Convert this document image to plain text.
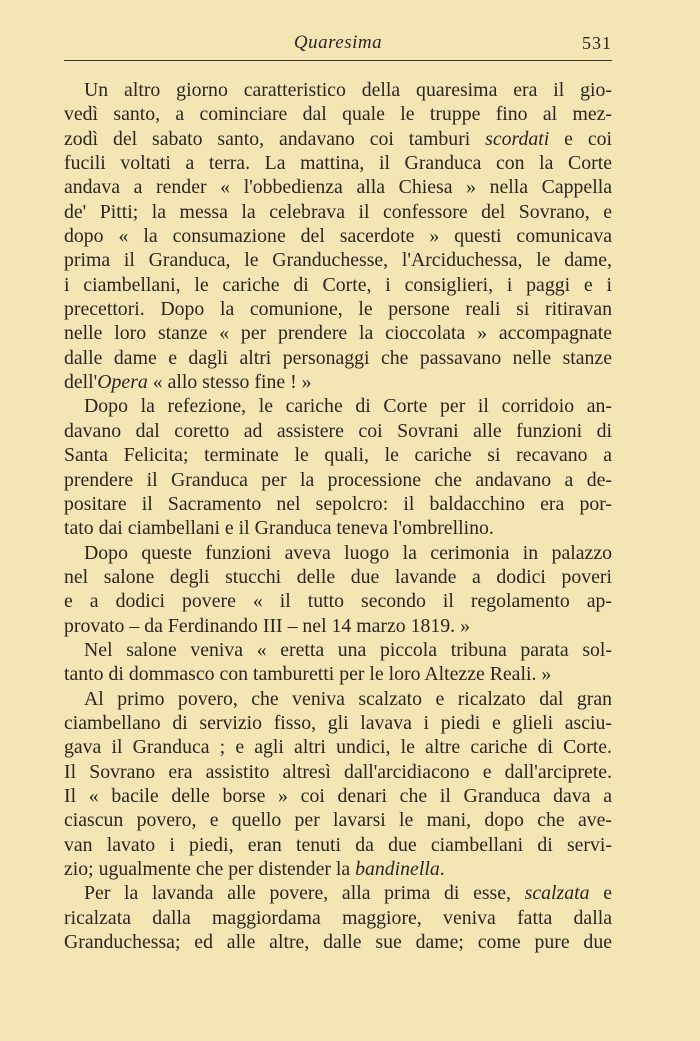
Quaresima	531
Un altro giorno caratteristico della quaresima era il gio-
vedì santo, a cominciare dal quale le truppe fino al mez-
zodì del sabato santo, andavano coi tamburi scordati e coi
fucili voltati a terra. La mattina, il Granduca con la Corte
andava a render « l'obbedienza alla Chiesa » nella Cappella
de' Pitti; la messa la celebrava il confessore del Sovrano, e
dopo « la consumazione del sacerdote » questi comunicava
prima il Granduca, le Granduchesse, l'Arciduchessa, le dame,
i ciambellani, le cariche di Corte, i consiglieri, i paggi e i
precettori. Dopo la comunione, le persone reali si ritiravan
nelle loro stanze « per prendere la cioccolata » accompagnate
dalle dame e dagli altri personaggi che passavano nelle stanze
dell'Opera « allo stesso fine ! »
Dopo la refezione, le cariche di Corte per il corridoio an-
davano dal coretto ad assistere coi Sovrani alle funzioni di
Santa Felicita; terminate le quali, le cariche si recavano a
prendere il Granduca per la processione che andavano a de-
positare il Sacramento nel sepolcro: il baldacchino era por-
tato dai ciambellani e il Granduca teneva l'ombrellino.
Dopo queste funzioni aveva luogo la cerimonia in palazzo
nel salone degli stucchi delle due lavande a dodici poveri
e a dodici povere « il tutto secondo il regolamento ap-
provato – da Ferdinando III – nel 14 marzo 1819. »
Nel salone veniva « eretta una piccola tribuna parata sol-
tanto di dommasco con tamburetti per le loro Altezze Reali. »
Al primo povero, che veniva scalzato e ricalzato dal gran
ciambellano di servizio fisso, gli lavava i piedi e glieli asciu-
gava il Granduca ; e agli altri undici, le altre cariche di Corte.
Il Sovrano era assistito altresì dall'arcidiacono e dall'arciprete.
Il « bacile delle borse » coi denari che il Granduca dava a
ciascun povero, e quello per lavarsi le mani, dopo che ave-
van lavato i piedi, eran tenuti da due ciambellani di servi-
zio; ugualmente che per distender la bandinella.
Per la lavanda alle povere, alla prima di esse, scalzata e
ricalzata dalla maggiordama maggiore, veniva fatta dalla
Granduchessa; ed alle altre, dalle sue dame; come pure due
